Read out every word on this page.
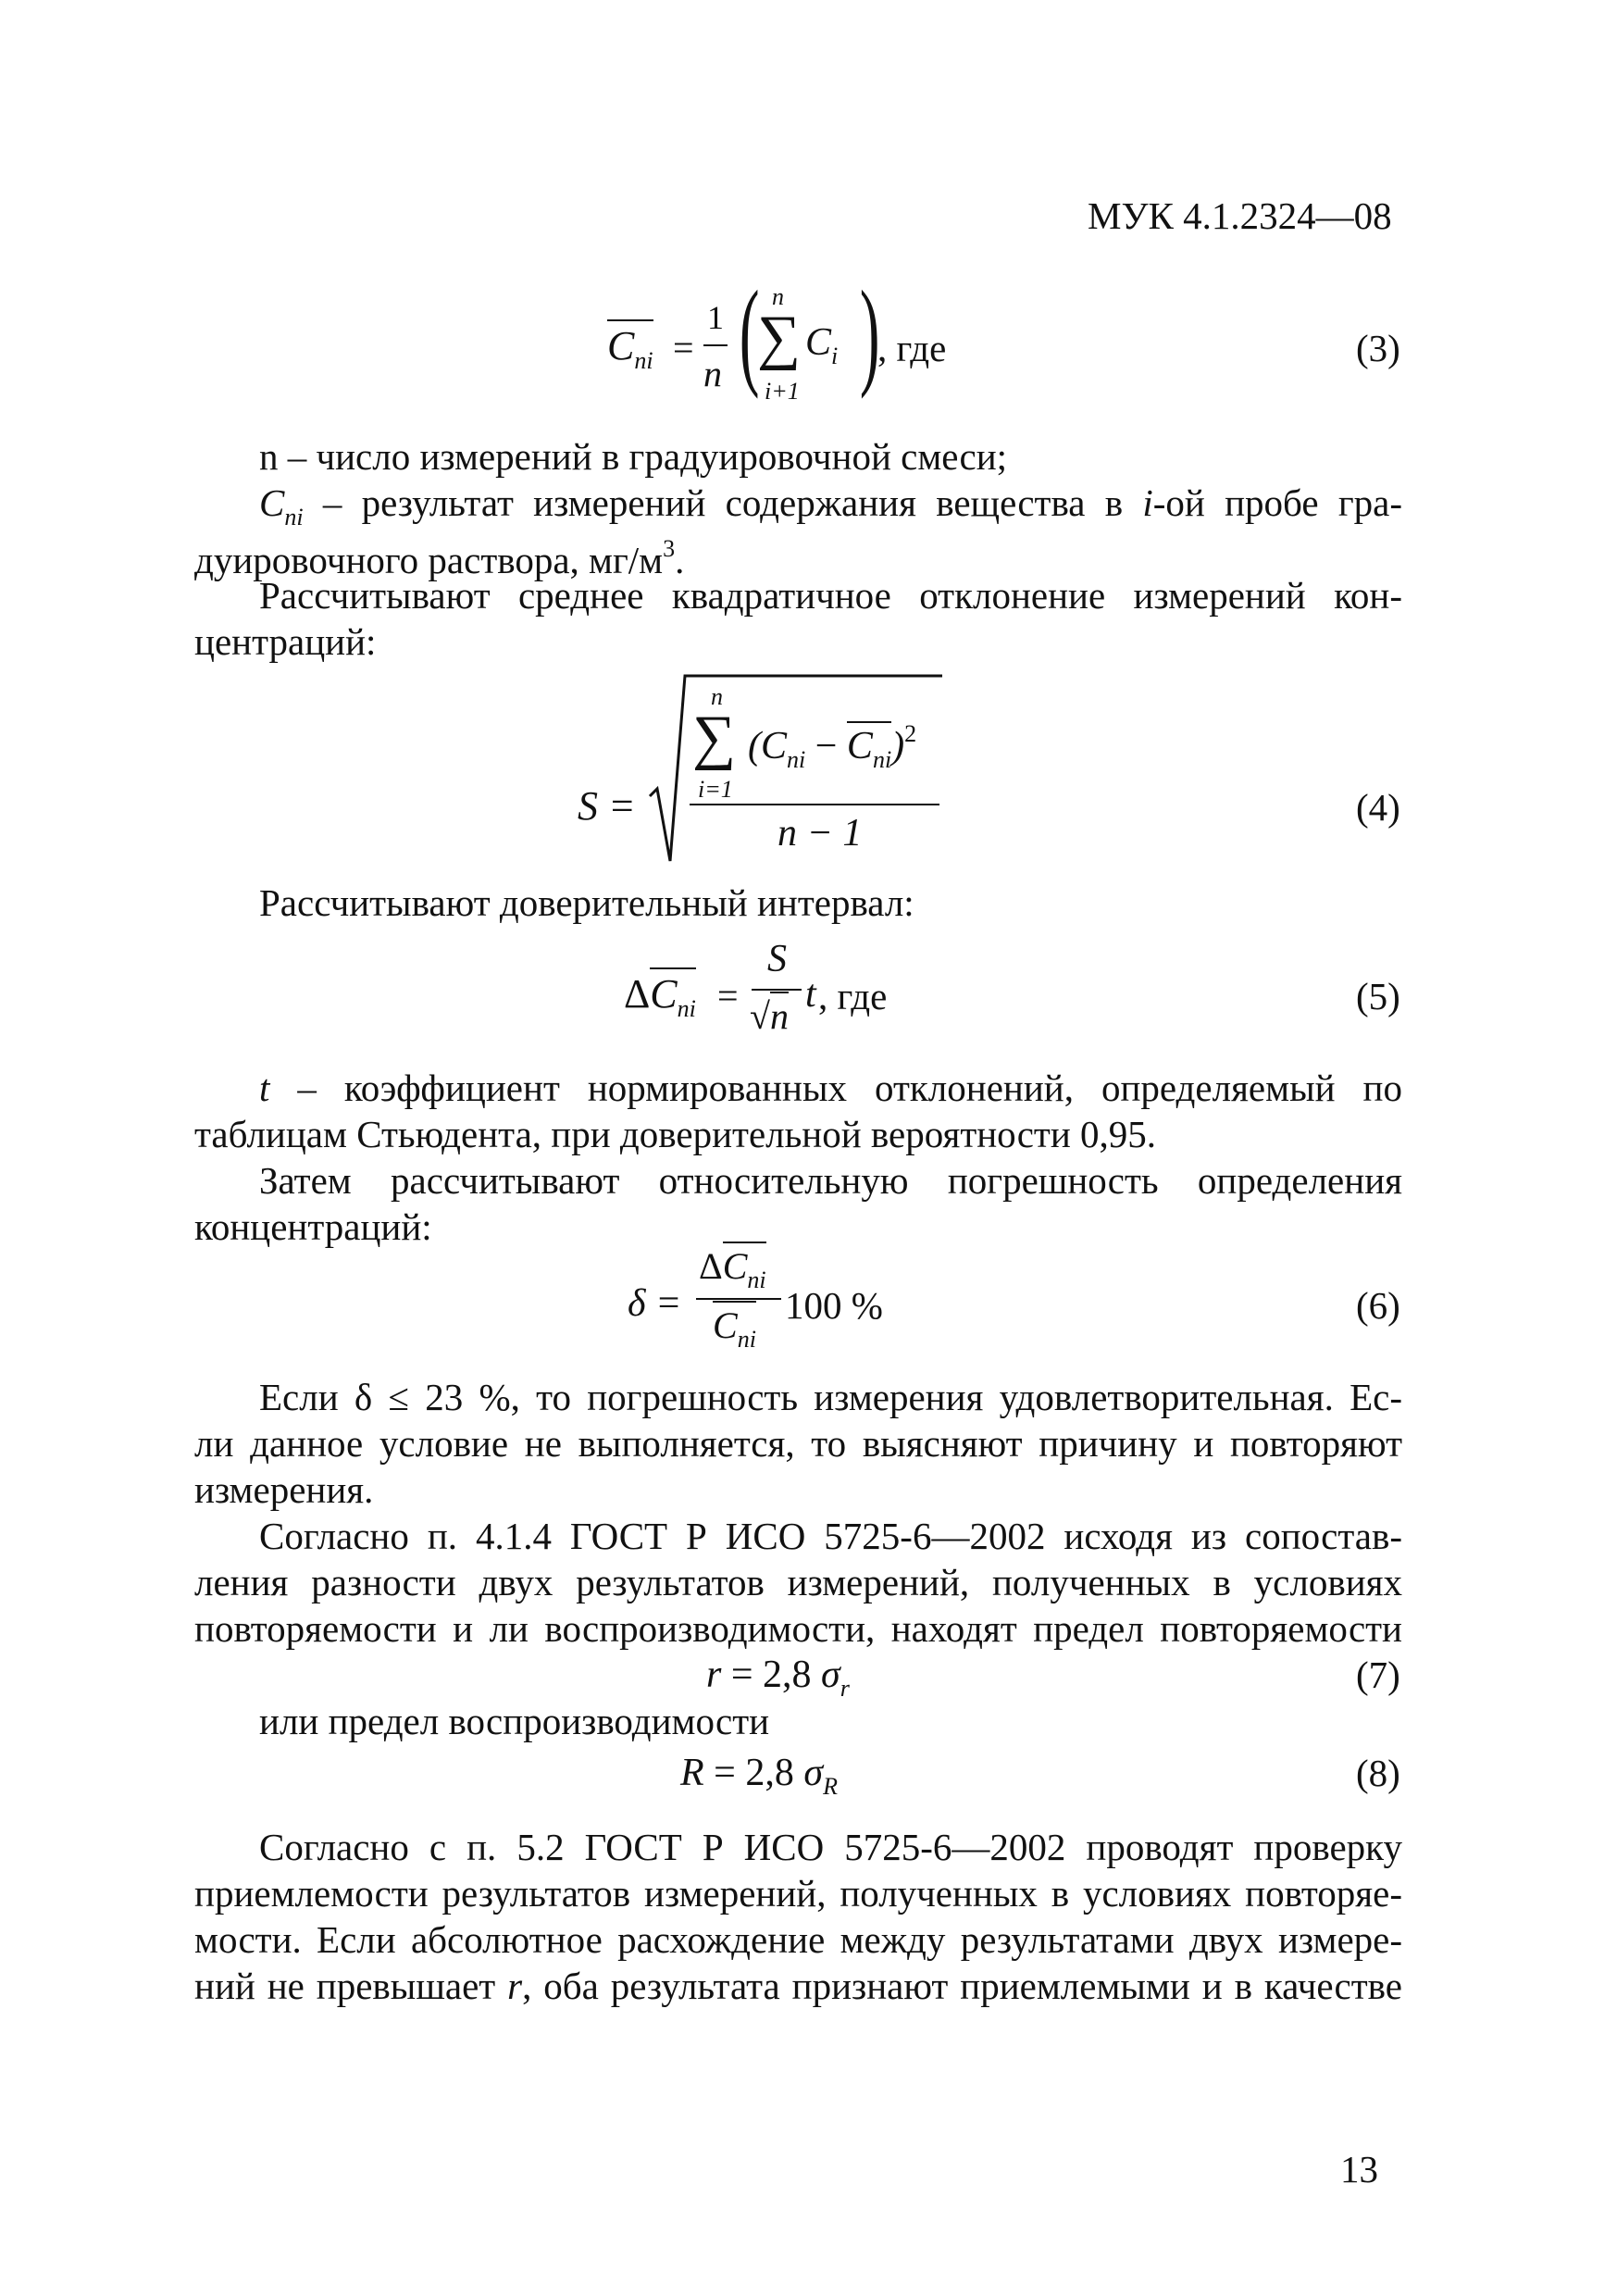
МУК 4.1.2324—08
$C_{ni}$ =
1
n ( n
∑
i+1
$C_i$ )
, где	(3)
n – число измерений в градуировочной смеси;
$C_{ni}$ – результат измерений содержания вещества в i-ой пробе гра-
дуировочного раствора, $мг/м^3$.
Рассчитывают среднее квадратичное отклонение измерений кон-
центраций:
S =
n
∑
i=1
$(C_{ni} - C_{ni})^2$
n − 1
(4)
Рассчитывают доверительный интервал:
$\Delta C_{ni}$ =
S
√n
t , где	(5)
t – коэффициент нормированных отклонений, определяемый по
таблицам Стьюдента, при доверительной вероятности 0,95.
Затем рассчитывают относительную погрешность определения
концентраций:
δ =
$\Delta C_{ni}$
$C_{ni}$
100 %	(6)
Если δ ≤ 23 %, то погрешность измерения удовлетворительная. Ес-
ли данное условие не выполняется, то выясняют причину и повторяют
измерения.
Согласно п. 4.1.4 ГОСТ Р ИСО 5725-6—2002 исходя из сопостав-
ления разности двух результатов измерений, полученных в условиях
повторяемости и ли воспроизводимости, находят предел повторяемости
r = 2,8 $\sigma_r$	(7)
или предел воспроизводимости
R = 2,8 $\sigma_R$	(8)
Согласно с п. 5.2 ГОСТ Р ИСО 5725-6—2002 проводят проверку
приемлемости результатов измерений, полученных в условиях повторяе-
мости. Если абсолютное расхождение между результатами двух измере-
ний не превышает r, оба результата признают приемлемыми и в качестве
13
